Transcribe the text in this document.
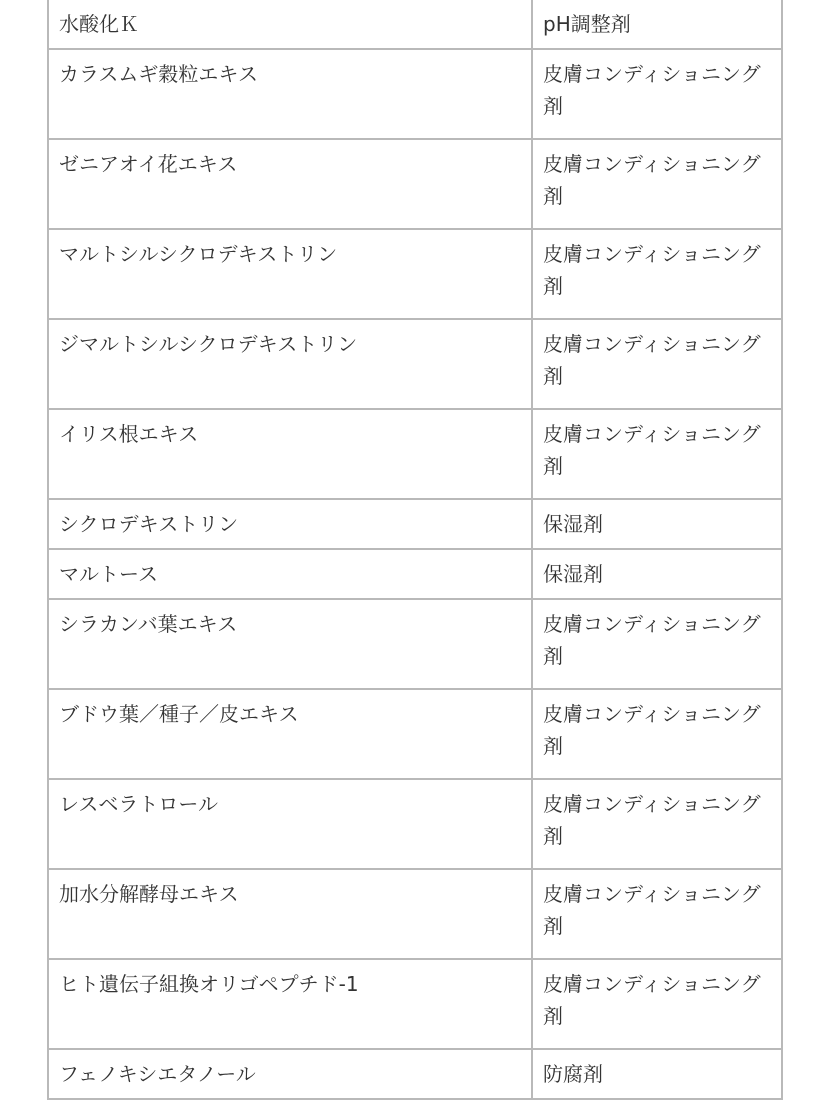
水酸化Ｋ	pH調整剤
カラスムギ穀粒エキス	皮膚コンディショニング剤
ゼニアオイ花エキス	皮膚コンディショニング剤
マルトシルシクロデキストリン	皮膚コンディショニング剤
ジマルトシルシクロデキストリン	皮膚コンディショニング剤
イリス根エキス	皮膚コンディショニング剤
シクロデキストリン	保湿剤
マルトース	保湿剤
シラカンバ葉エキス	皮膚コンディショニング剤
ブドウ葉／種子／皮エキス	皮膚コンディショニング剤
レスベラトロール	皮膚コンディショニング剤
加水分解酵母エキス	皮膚コンディショニング剤
ヒト遺伝子組換オリゴペプチド-1	皮膚コンディショニング剤
フェノキシエタノール	防腐剤
